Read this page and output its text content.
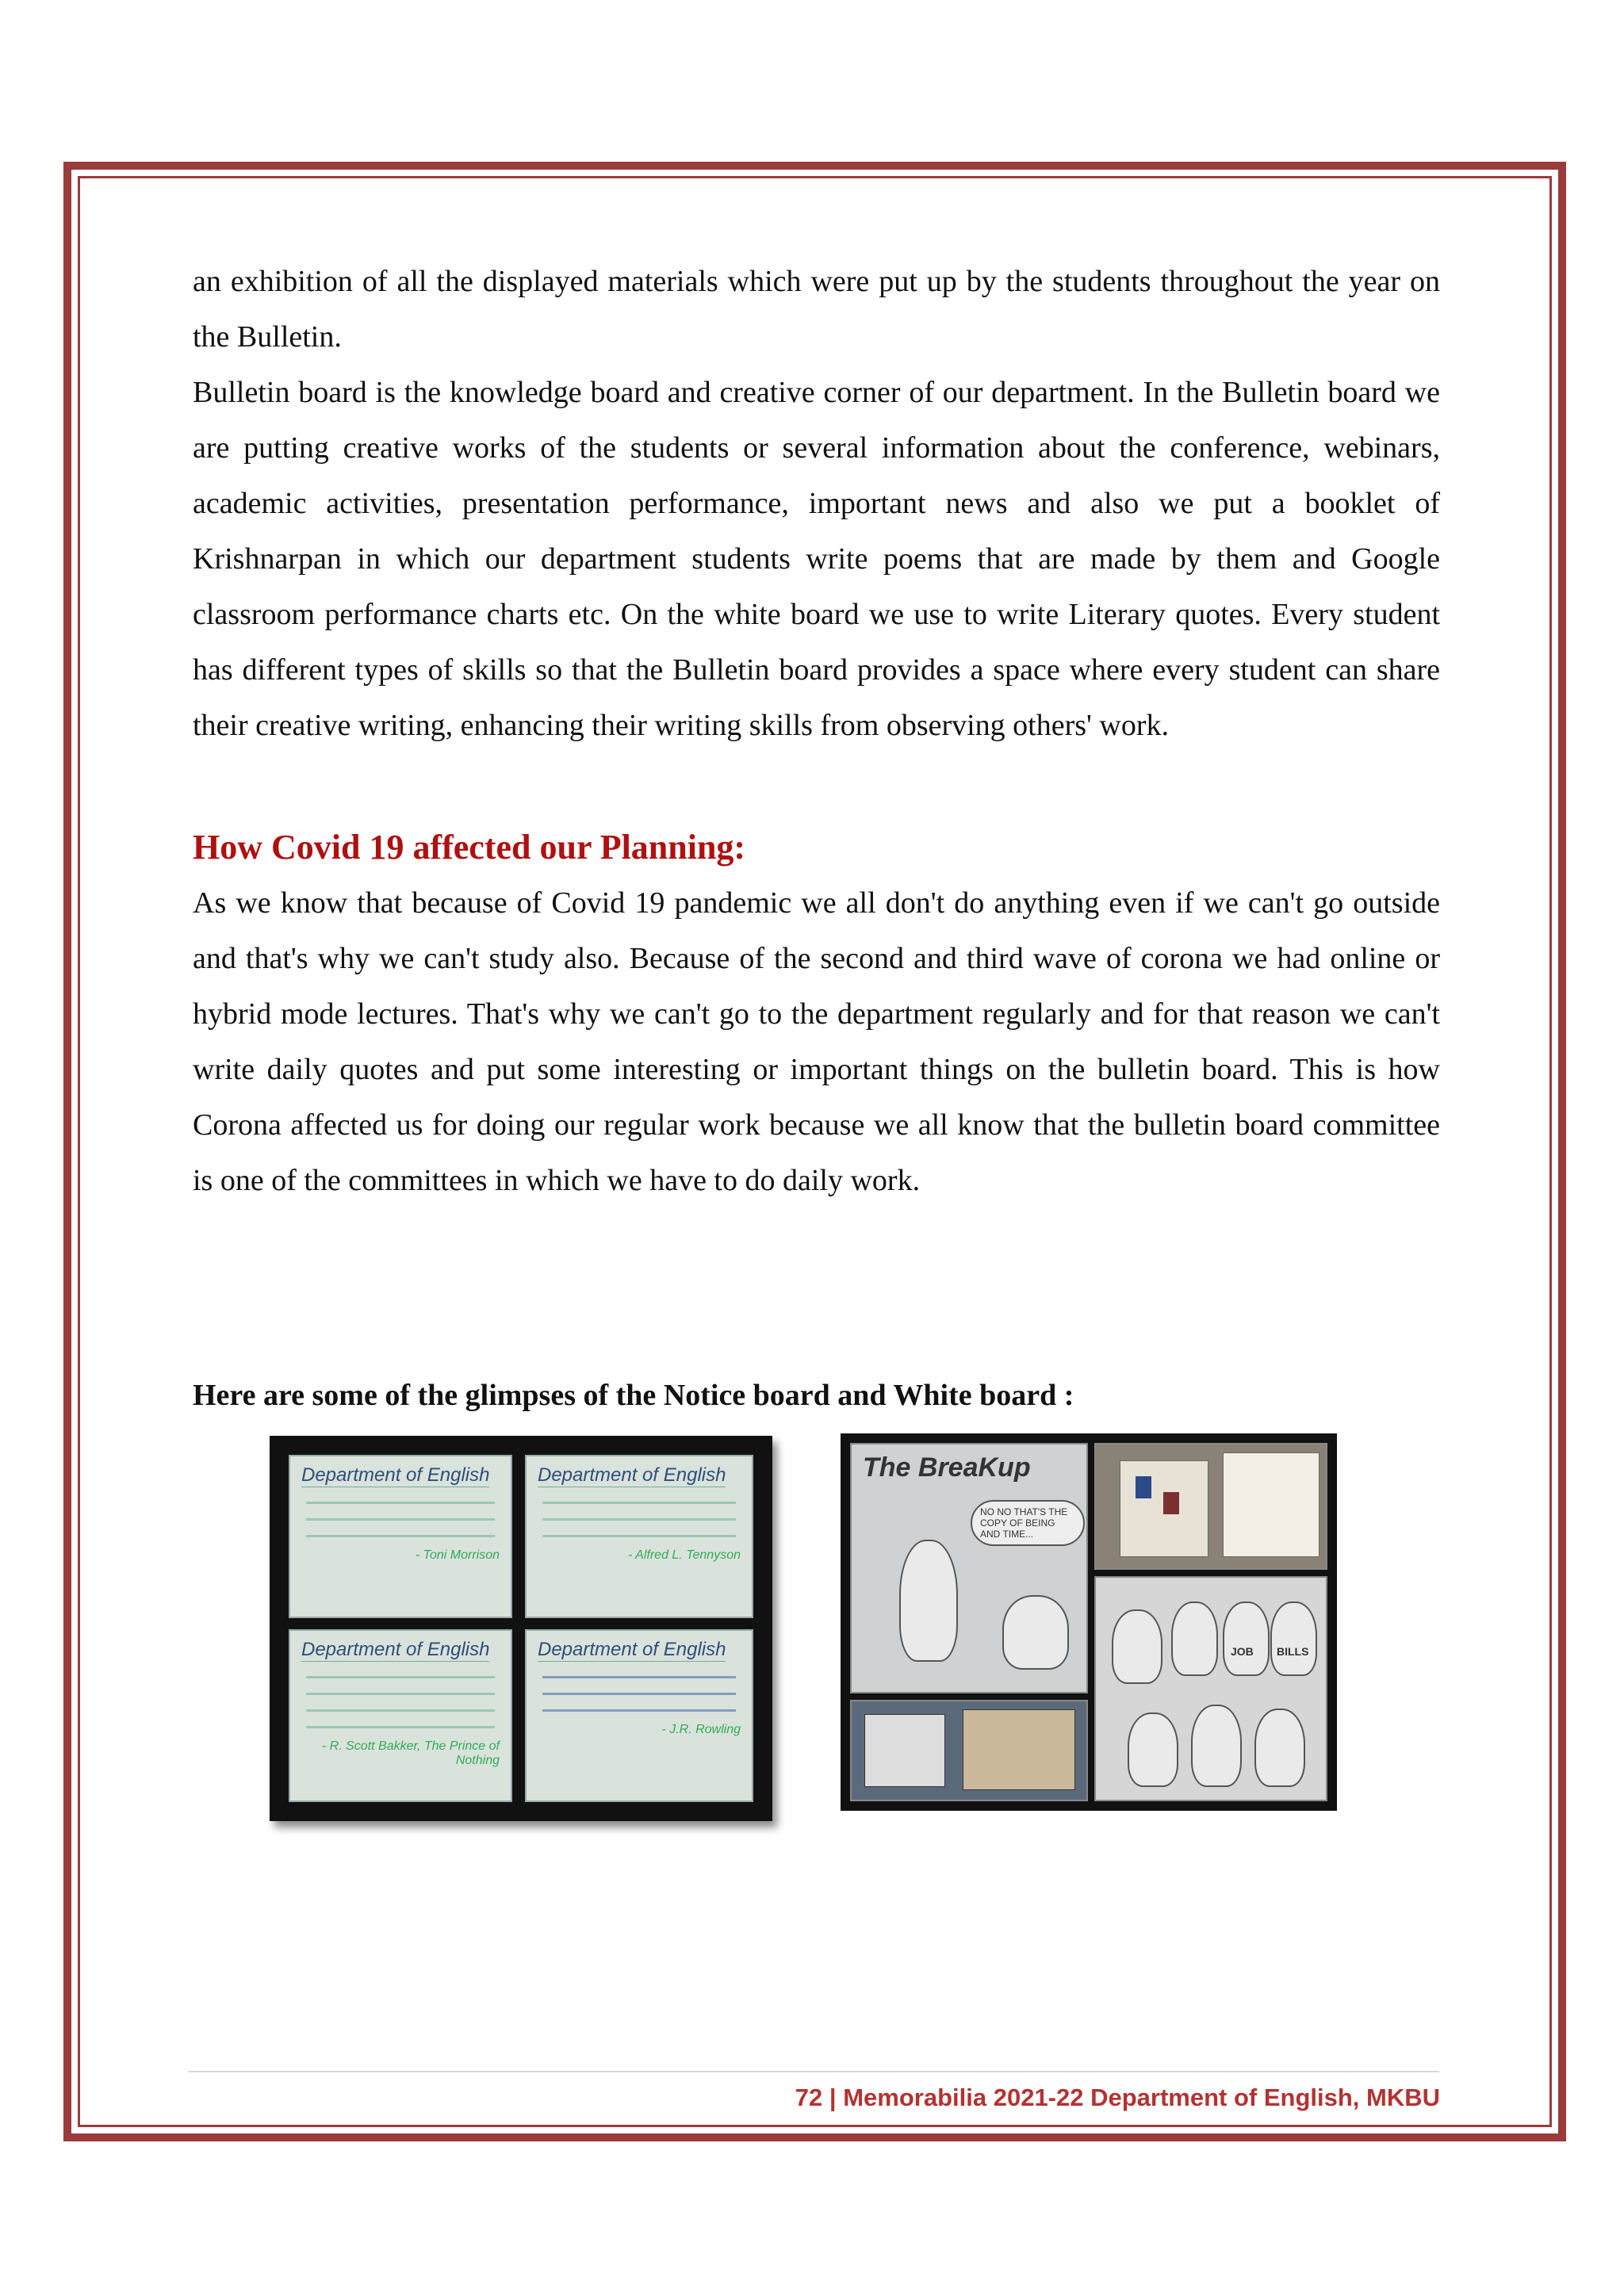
an exhibition of all the displayed materials which were put up by the students throughout the year on the Bulletin.

Bulletin board is the knowledge board and creative corner of our department. In the Bulletin board we are putting creative works of the students or several information about the conference, webinars, academic activities, presentation performance, important news and also we put a booklet of Krishnarpan in which our department students write poems that are made by them and Google classroom performance charts etc. On the white board we use to write Literary quotes. Every student has different types of skills so that the Bulletin board provides a space where every student can share their creative writing, enhancing their writing skills from observing others' work.

How Covid 19 affected our Planning:

As we know that because of Covid 19 pandemic we all don't do anything even if we can't go outside and that's why we can't study also. Because of the second and third wave of corona we had online or hybrid mode lectures. That's why we can't go to the department regularly and for that reason we can't write daily quotes and put some interesting or important things on the bulletin board. This is how Corona affected us for doing our regular work because we all know that the bulletin board committee is one of the committees in which we have to do daily work.

Here are some of the glimpses of the Notice board and White board :
Department of English
- Toni Morrison
Department of English
- Alfred L. Tennyson
Department of English
- R. Scott Bakker, The Prince of Nothing
Department of English
- J.R. Rowling
The BreaKup
NO NO THAT'S THE COPY OF BEING AND TIME...
JOB BILLS
72 | Memorabilia 2021-22 Department of English, MKBU
